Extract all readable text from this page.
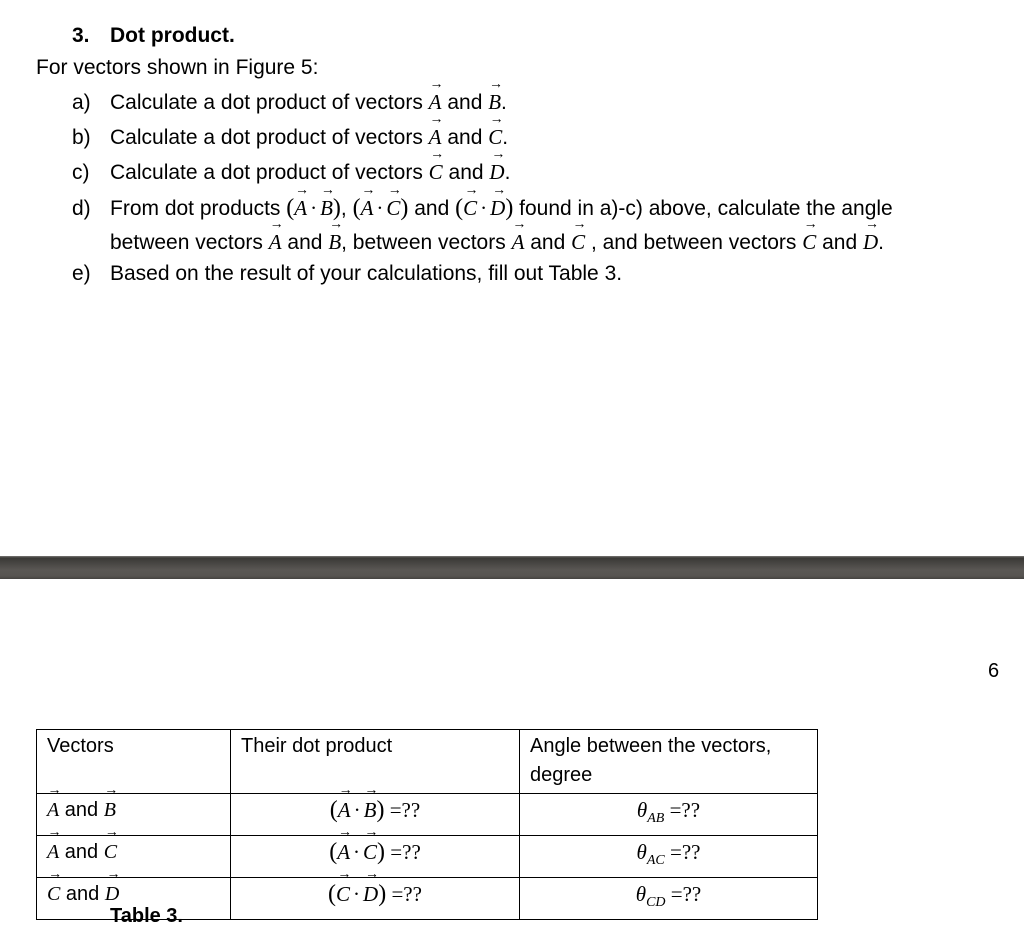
3. Dot product.
For vectors shown in Figure 5:
a) Calculate a dot product of vectors → A and → B.
b) Calculate a dot product of vectors → A and → C.
c) Calculate a dot product of vectors → C and → D.
d) From dot products (→ A · → B), (→ A · → C) and (→ C · → D) found in a)-c) above, calculate the angle
between vectors → A and → B, between vectors → A and → C , and between vectors → C and → D.
e) Based on the result of your calculations, fill out Table 3.
6
Vectors	Their dot product	Angle between the vectors, degree
→ A and → B	(→ A · → B) =??	$\theta_{AB}$ =??
→ A and → C	(→ A · → C) =??	$\theta_{AC}$ =??
→ C and → D	(→ C · → D) =??	$\theta_{CD}$ =??
Table 3.
